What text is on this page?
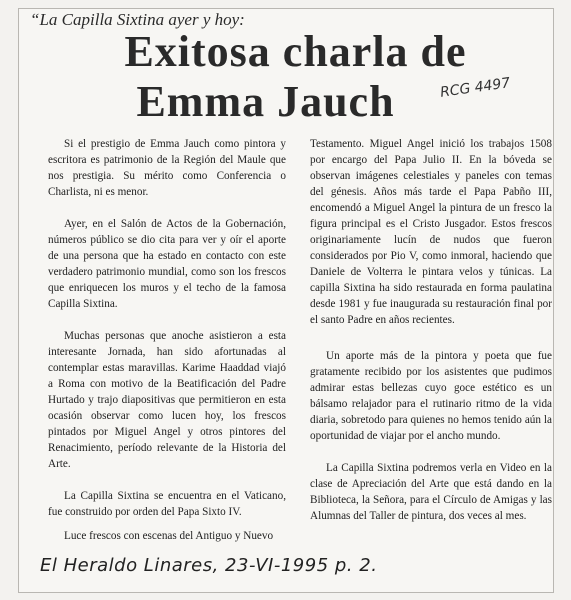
“La Capilla Sixtina ayer y hoy:
Exitosa charla de
Emma Jauch	RCG 4497

Si el prestigio de Emma Jauch como pintora y escritora es patrimonio de la Región del Maule que nos prestigia. Su mérito como Conferencia o Charlista, ni es menor.

Ayer, en el Salón de Actos de la Gobernación, números público se dio cita para ver y oír el aporte de una persona que ha estado en contacto con este verdadero patrimonio mundial, como son los frescos que enriquecen los muros y el techo de la famosa Capilla Sixtina.

Muchas personas que anoche asistieron a esta interesante Jornada, han sido afortunadas al contemplar estas maravillas. Karime Haaddad viajó a Roma con motivo de la Beatificación del Padre Hurtado y trajo diapositivas que permitieron en esta ocasión observar como lucen hoy, los frescos pintados por Miguel Angel y otros pintores del Renacimiento, período relevante de la Historia del Arte.

La Capilla Sixtina se encuentra en el Vaticano, fue construido por orden del Papa Sixto IV.

Luce frescos con escenas del Antiguo y Nuevo

Testamento. Miguel Angel inició los trabajos 1508 por encargo del Papa Julio II. En la bóveda se observan imágenes celestiales y paneles con temas del génesis. Años más tarde el Papa Pabño III, encomendó a Miguel Angel la pintura de un fresco la figura principal es el Cristo Jusgador. Estos frescos originariamente lucín de nudos que fueron considerados por Pio V, como inmoral, haciendo que Daniele de Volterra le pintara velos y túnicas. La capilla Sixtina ha sido restaurada en forma paulatina desde 1981 y fue inaugurada su restauración final por el santo Padre en años recientes.

Un aporte más de la pintora y poeta que fue gratamente recibido por los asistentes que pudimos admirar estas bellezas cuyo goce estético es un bálsamo relajador para el rutinario ritmo de la vida diaria, sobretodo para quienes no hemos tenido aún la oportunidad de viajar por el ancho mundo.

La Capilla Sixtina podremos verla en Video en la clase de Apreciación del Arte que está dando en la Biblioteca, la Señora, para el Círculo de Amigas y las Alumnas del Taller de pintura, dos veces al mes.

El Heraldo Linares, 23-VI-1995 p. 2.
